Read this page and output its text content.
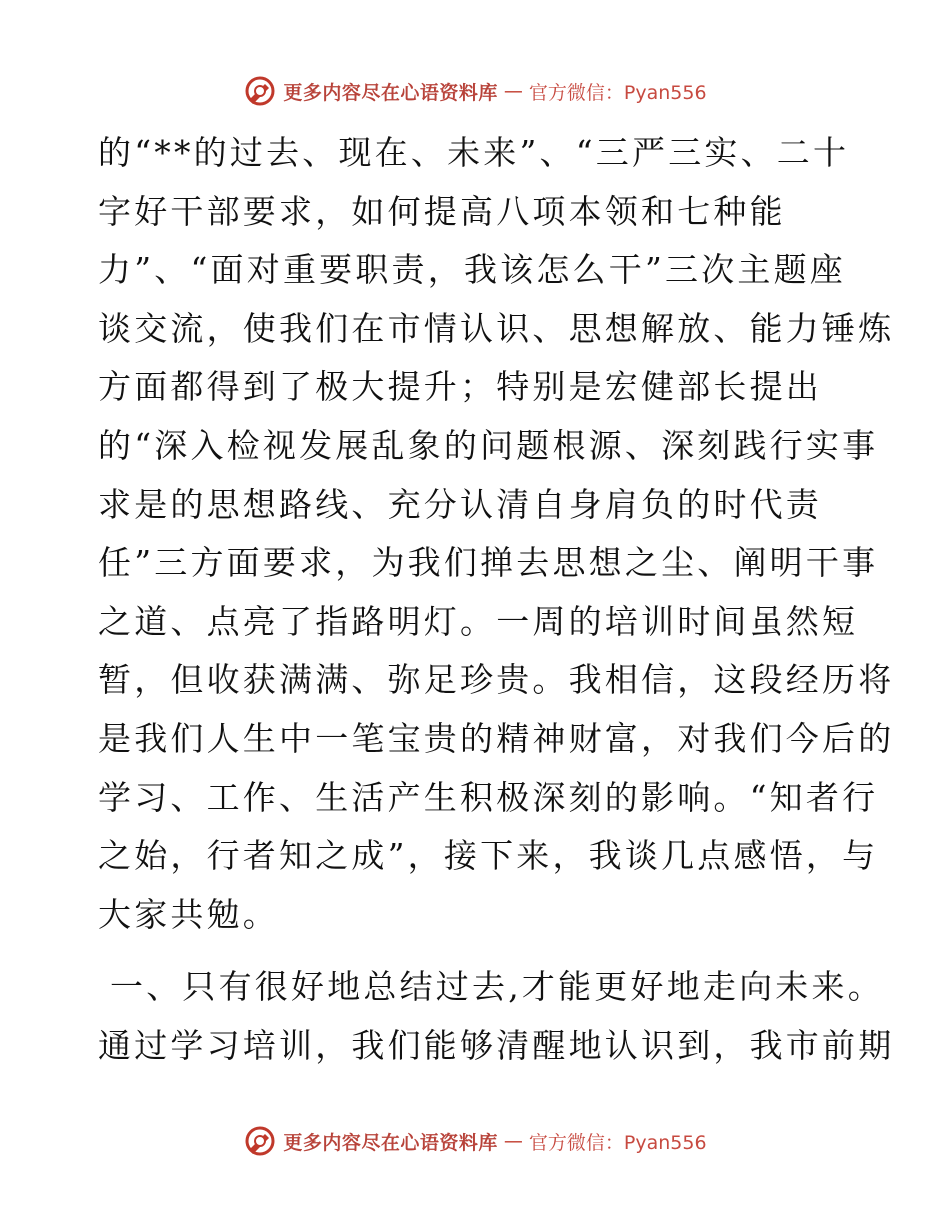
更多内容尽在心语资料库 — 官方微信：Pyan556
的“**的过去、现在、未来”、“三严三实、二十
字好干部要求，如何提高八项本领和七种能
力”、“面对重要职责，我该怎么干”三次主题座
谈交流，使我们在市情认识、思想解放、能力锤炼
方面都得到了极大提升；特别是宏健部长提出
的“深入检视发展乱象的问题根源、深刻践行实事
求是的思想路线、充分认清自身肩负的时代责
任”三方面要求，为我们掸去思想之尘、阐明干事
之道、点亮了指路明灯。一周的培训时间虽然短
暂，但收获满满、弥足珍贵。我相信，这段经历将
是我们人生中一笔宝贵的精神财富，对我们今后的
学习、工作、生活产生积极深刻的影响。“知者行
之始，行者知之成”，接下来，我谈几点感悟，与
大家共勉。
一、只有很好地总结过去,才能更好地走向未来。
通过学习培训，我们能够清醒地认识到，我市前期
更多内容尽在心语资料库 — 官方微信：Pyan556
